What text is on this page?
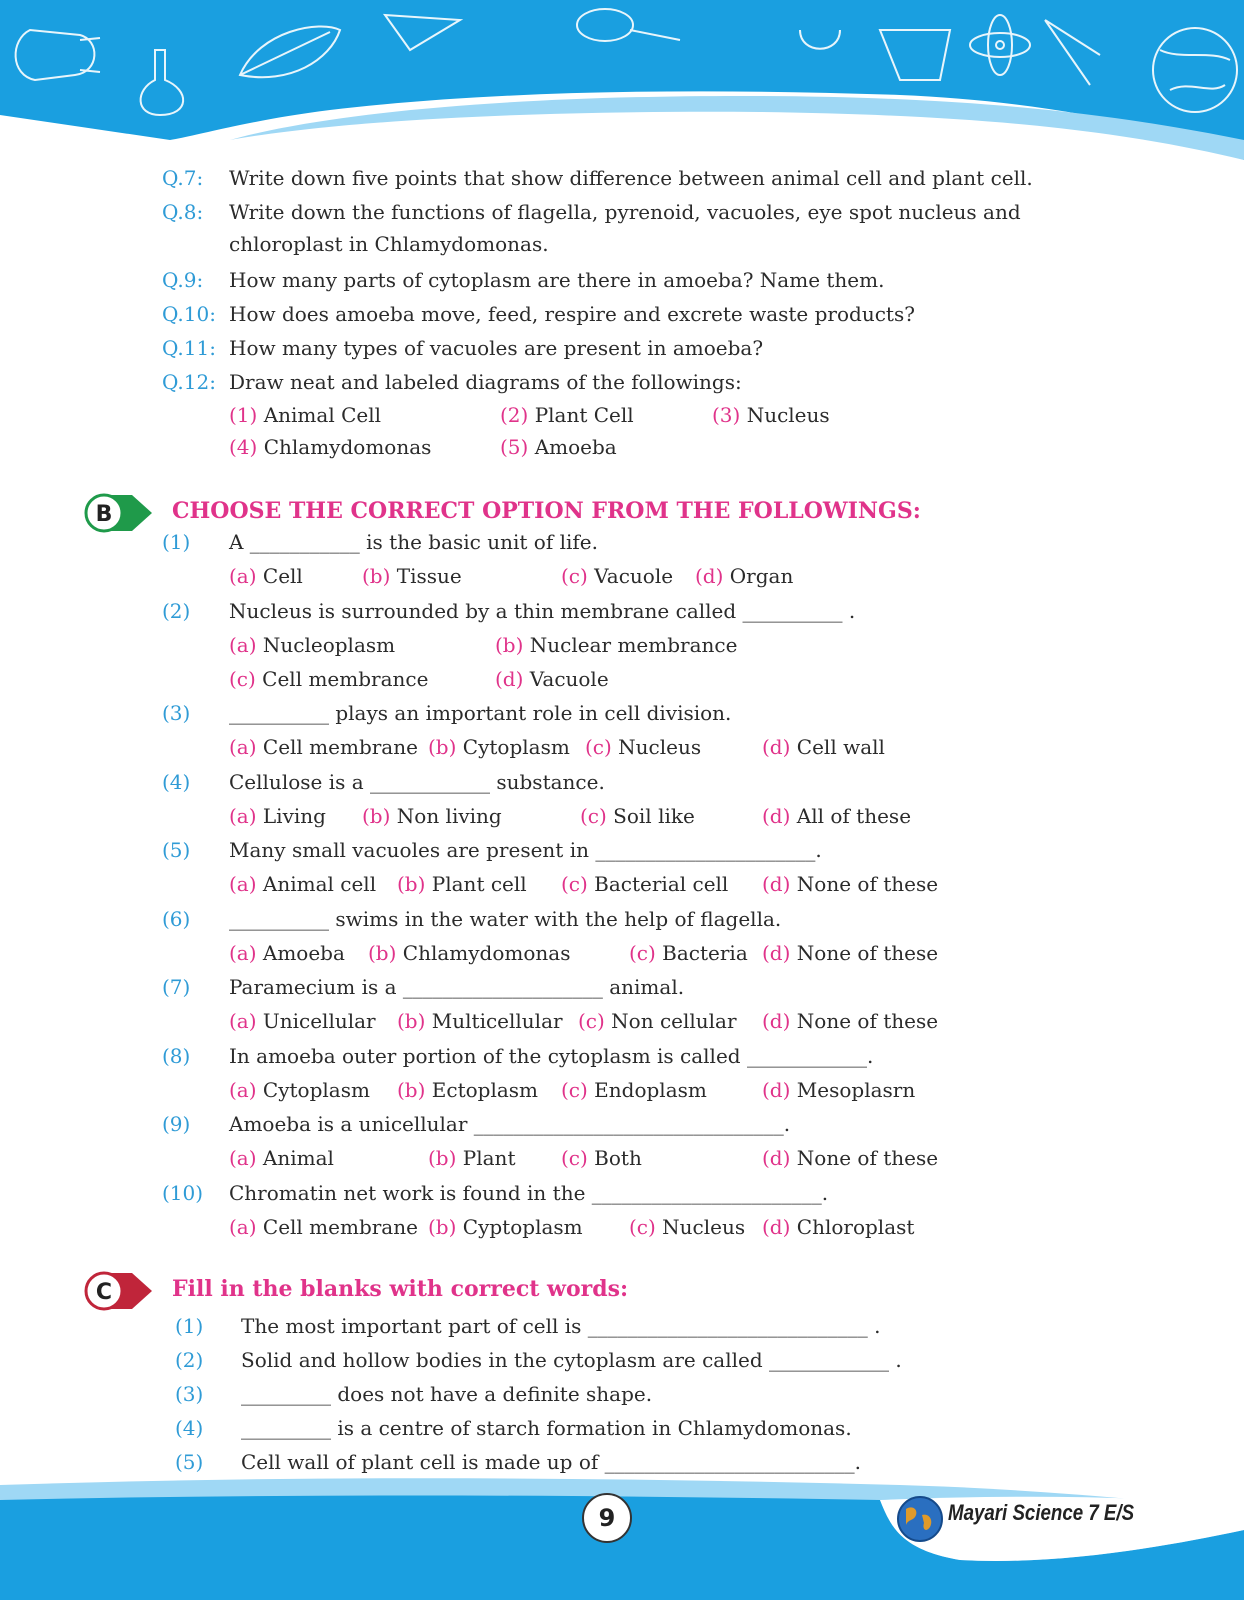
Q.7: Write down five points that show difference between animal cell and plant cell.
Q.8: Write down the functions of flagella, pyrenoid, vacuoles, eye spot nucleus and
chloroplast in Chlamydomonas.
Q.9: How many parts of cytoplasm are there in amoeba? Name them.
Q.10: How does amoeba move, feed, respire and excrete waste products?
Q.11: How many types of vacuoles are present in amoeba?
Q.12: Draw neat and labeled diagrams of the followings:
(1) Animal Cell	(2) Plant Cell	(3) Nucleus
(4) Chlamydomonas	(5) Amoeba
B	CHOOSE THE CORRECT OPTION FROM THE FOLLOWINGS:
(1) A ___________ is the basic unit of life.
(a) Cell	(b) Tissue	(c) Vacuole (d) Organ
(2) Nucleus is surrounded by a thin membrane called __________ .
(a) Nucleoplasm	(b) Nuclear membrance
(c) Cell membrance	(d) Vacuole
(3) __________ plays an important role in cell division.
(a) Cell membrane (b) Cytoplasm (c) Nucleus	(d) Cell wall
(4) Cellulose is a ____________ substance.
(a) Living (b) Non living	(c) Soil like	(d) All of these
(5) Many small vacuoles are present in ______________________.
(a) Animal cell (b) Plant cell (c) Bacterial cell (d) None of these
(6) __________ swims in the water with the help of flagella.
(a) Amoeba (b) Chlamydomonas	(c) Bacteria (d) None of these
(7) Paramecium is a ____________________ animal.
(a) Unicellular (b) Multicellular (c) Non cellular (d) None of these
(8) In amoeba outer portion of the cytoplasm is called ____________.
(a) Cytoplasm (b) Ectoplasm (c) Endoplasm	(d) Mesoplasrn
(9) Amoeba is a unicellular _______________________________.
(a) Animal	(b) Plant (c) Both	(d) None of these
(10) Chromatin net work is found in the _______________________.
(a) Cell membrane (b) Cyptoplasm (c) Nucleus (d) Chloroplast
C	Fill in the blanks with correct words:
(1) The most important part of cell is ____________________________ .
(2) Solid and hollow bodies in the cytoplasm are called ____________ .
(3) _________ does not have a definite shape.
(4) _________ is a centre of starch formation in Chlamydomonas.
(5) Cell wall of plant cell is made up of _________________________.
9	Mayari Science 7 E/S
